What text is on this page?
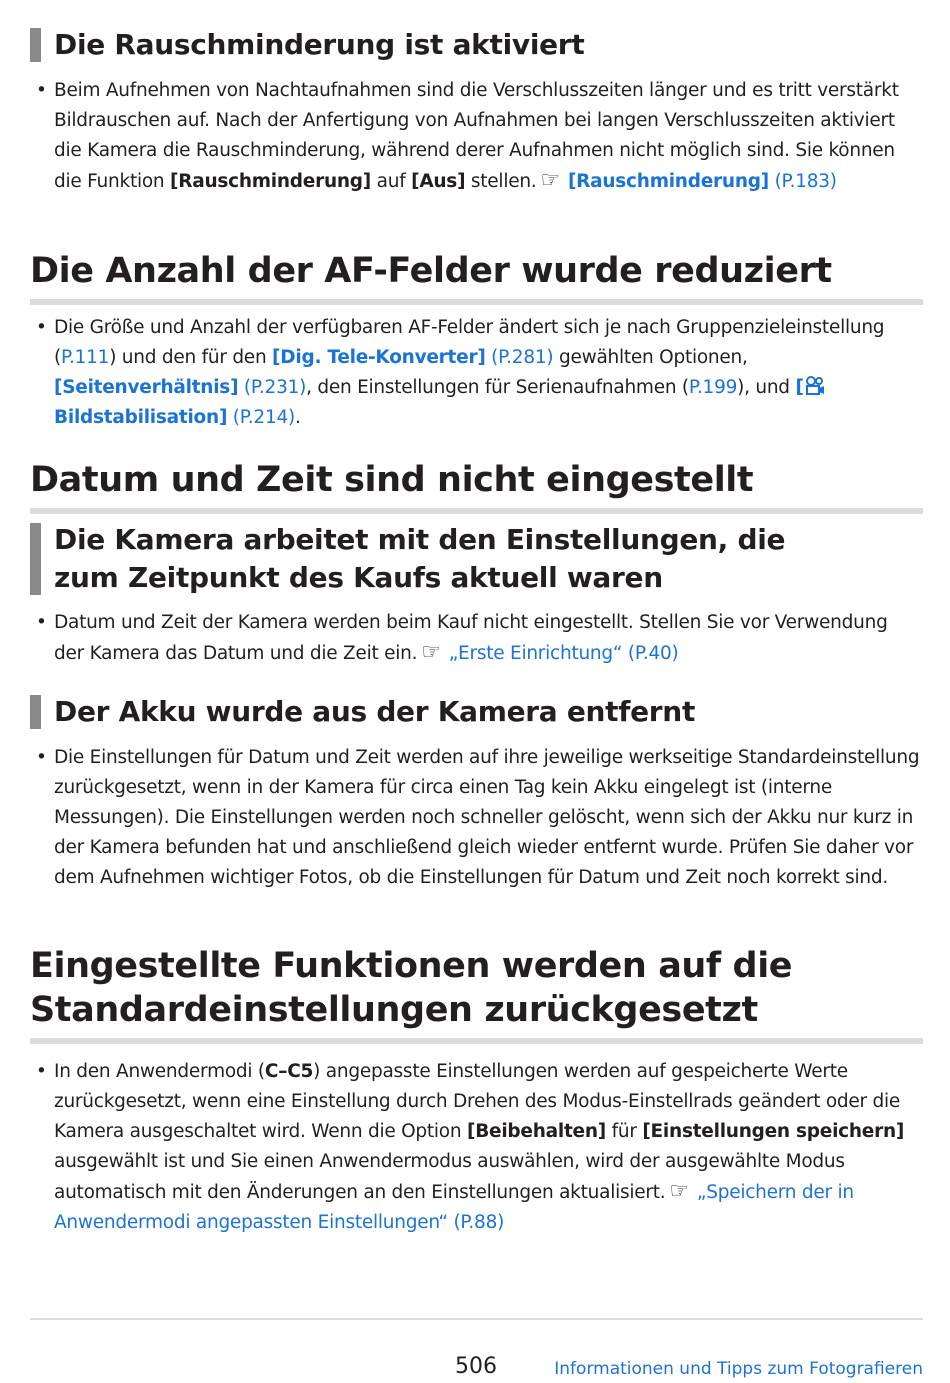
Die Rauschminderung ist aktiviert
• Beim Aufnehmen von Nachtaufnahmen sind die Verschlusszeiten länger und es tritt verstärkt Bildrauschen auf. Nach der Anfertigung von Aufnahmen bei langen Verschlusszeiten aktiviert die Kamera die Rauschminderung, während derer Aufnahmen nicht möglich sind. Sie können die Funktion [Rauschminderung] auf [Aus] stellen. ☞ [Rauschminderung] (P.183)
Die Anzahl der AF-Felder wurde reduziert
• Die Größe und Anzahl der verfügbaren AF-Felder ändert sich je nach Gruppenzieleinstellung (P.111) und den für den [Dig. Tele-Konverter] (P.281) gewählten Optionen, [Seitenverhältnis] (P.231), den Einstellungen für Serienaufnahmen (P.199), und [Bildstabilisation] (P.214).
Datum und Zeit sind nicht eingestellt
Die Kamera arbeitet mit den Einstellungen, die zum Zeitpunkt des Kaufs aktuell waren
• Datum und Zeit der Kamera werden beim Kauf nicht eingestellt. Stellen Sie vor Verwendung der Kamera das Datum und die Zeit ein. ☞ „Erste Einrichtung“ (P.40)
Der Akku wurde aus der Kamera entfernt
• Die Einstellungen für Datum und Zeit werden auf ihre jeweilige werkseitige Standardeinstellung zurückgesetzt, wenn in der Kamera für circa einen Tag kein Akku eingelegt ist (interne Messungen). Die Einstellungen werden noch schneller gelöscht, wenn sich der Akku nur kurz in der Kamera befunden hat und anschließend gleich wieder entfernt wurde. Prüfen Sie daher vor dem Aufnehmen wichtiger Fotos, ob die Einstellungen für Datum und Zeit noch korrekt sind.
Eingestellte Funktionen werden auf die Standardeinstellungen zurückgesetzt
• In den Anwendermodi (C–C5) angepasste Einstellungen werden auf gespeicherte Werte zurückgesetzt, wenn eine Einstellung durch Drehen des Modus-Einstellrads geändert oder die Kamera ausgeschaltet wird. Wenn die Option [Beibehalten] für [Einstellungen speichern] ausgewählt ist und Sie einen Anwendermodus auswählen, wird der ausgewählte Modus automatisch mit den Änderungen an den Einstellungen aktualisiert. ☞ „Speichern der in Anwendermodi angepassten Einstellungen“ (P.88)
506	Informationen und Tipps zum Fotografieren
